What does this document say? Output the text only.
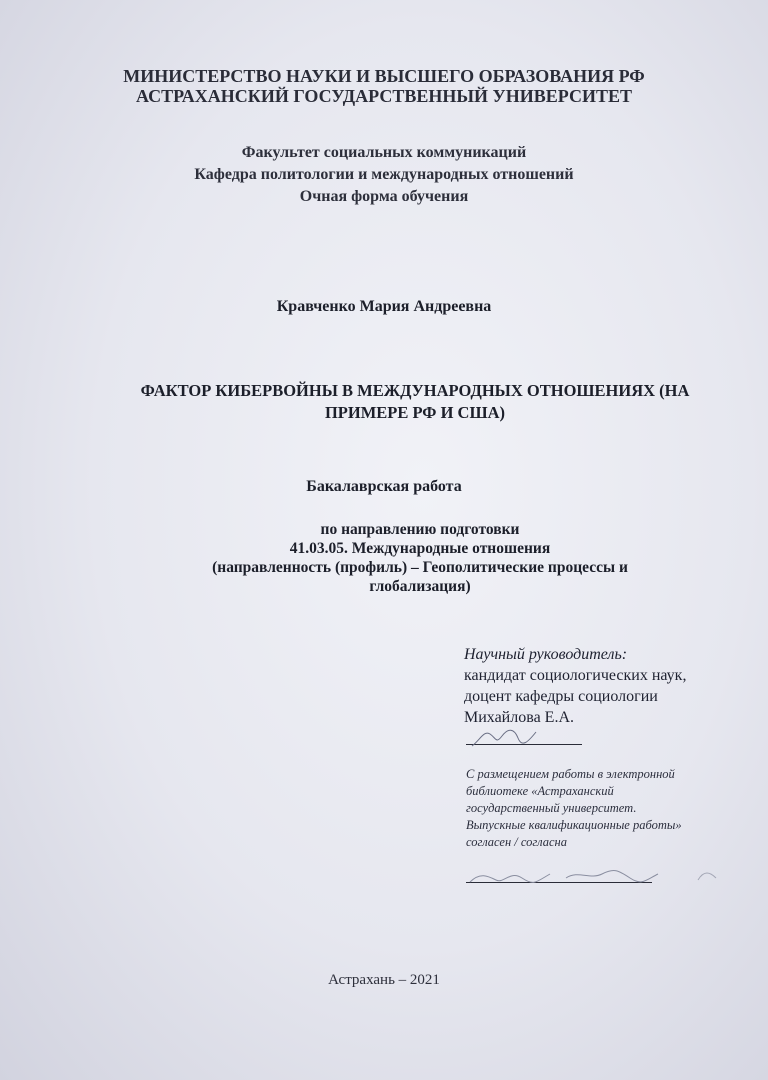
МИНИСТЕРСТВО НАУКИ И ВЫСШЕГО ОБРАЗОВАНИЯ РФ
АСТРАХАНСКИЙ ГОСУДАРСТВЕННЫЙ УНИВЕРСИТЕТ
Факультет социальных коммуникаций
Кафедра политологии и международных отношений
Очная форма обучения
Кравченко Мария Андреевна
ФАКТОР КИБЕРВОЙНЫ В МЕЖДУНАРОДНЫХ ОТНОШЕНИЯХ (НА
ПРИМЕРЕ РФ И США)
Бакалаврская работа
по направлению подготовки
41.03.05. Международные отношения
(направленность (профиль) – Геополитические процессы и
глобализация)
Научный руководитель:
кандидат социологических наук,
доцент кафедры социологии
Михайлова Е.А.
С размещением работы в электронной
библиотеке «Астраханский
государственный университет.
Выпускные квалификационные работы»
согласен / согласна
Астрахань – 2021
